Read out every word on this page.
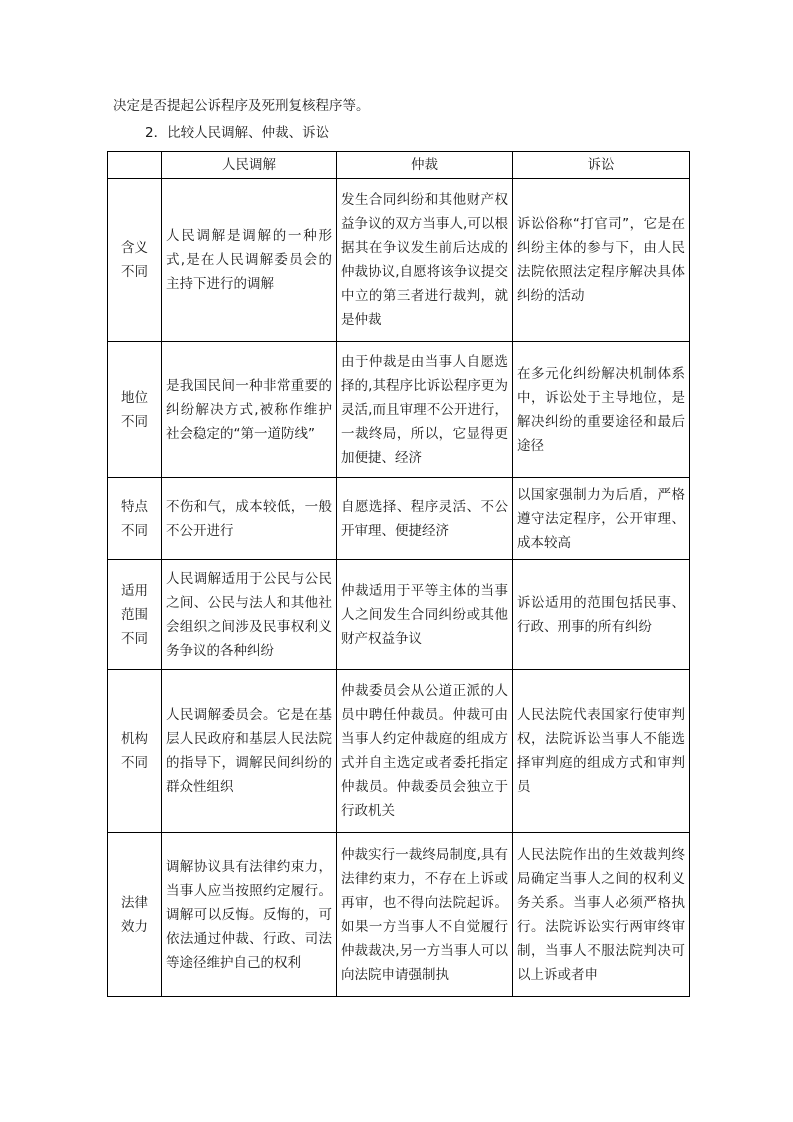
决定是否提起公诉程序及死刑复核程序等。
2．比较人民调解、仲裁、诉讼
	人民调解	仲裁	诉讼

含义
不同	人民调解是调解的一种形式,是在人民调解委员会的主持下进行的调解	发生合同纠纷和其他财产权益争议的双方当事人,可以根据其在争议发生前后达成的仲裁协议,自愿将该争议提交中立的第三者进行裁判，就是仲裁	诉讼俗称“打官司”，它是在纠纷主体的参与下，由人民法院依照法定程序解决具体纠纷的活动

地位
不同	是我国民间一种非常重要的纠纷解决方式,被称作维护社会稳定的“第一道防线”	由于仲裁是由当事人自愿选择的,其程序比诉讼程序更为灵活,而且审理不公开进行，一裁终局，所以，它显得更加便捷、经济	在多元化纠纷解决机制体系中，诉讼处于主导地位，是解决纠纷的重要途径和最后途径

特点
不同	不伤和气，成本较低，一般不公开进行	自愿选择、程序灵活、不公开审理、便捷经济	以国家强制力为后盾，严格遵守法定程序，公开审理、成本较高

适用
范围
不同	人民调解适用于公民与公民之间、公民与法人和其他社会组织之间涉及民事权利义务争议的各种纠纷	仲裁适用于平等主体的当事人之间发生合同纠纷或其他财产权益争议	诉讼适用的范围包括民事、行政、刑事的所有纠纷

机构
不同	人民调解委员会。它是在基层人民政府和基层人民法院的指导下，调解民间纠纷的群众性组织	仲裁委员会从公道正派的人员中聘任仲裁员。仲裁可由当事人约定仲裁庭的组成方式并自主选定或者委托指定仲裁员。仲裁委员会独立于行政机关	人民法院代表国家行使审判权，法院诉讼当事人不能选择审判庭的组成方式和审判员

法律
效力	调解协议具有法律约束力，当事人应当按照约定履行。调解可以反悔。反悔的，可依法通过仲裁、行政、司法等途径维护自己的权利	仲裁实行一裁终局制度,具有法律约束力，不存在上诉或再审，也不得向法院起诉。如果一方当事人不自觉履行仲裁裁决,另一方当事人可以向法院申请强制执	人民法院作出的生效裁判终局确定当事人之间的权利义务关系。当事人必须严格执行。法院诉讼实行两审终审制，当事人不服法院判决可以上诉或者申
